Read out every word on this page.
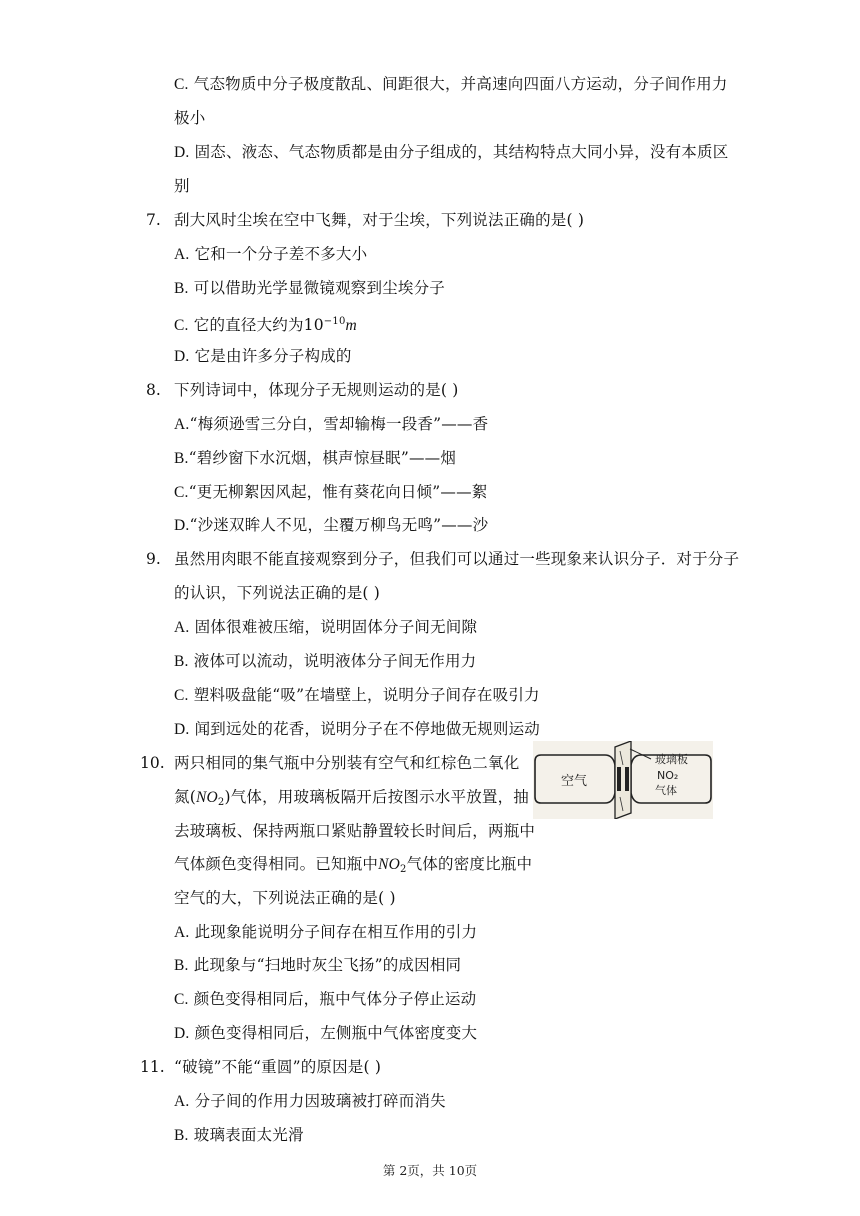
C. 气态物质中分子极度散乱、间距很大，并高速向四面八方运动，分子间作用力
极小
D. 固态、液态、气态物质都是由分子组成的，其结构特点大同小异，没有本质区
别
7. 刮大风时尘埃在空中飞舞，对于尘埃，下列说法正确的是( )
A. 它和一个分子差不多大小
B. 可以借助光学显微镜观察到尘埃分子
C. 它的直径大约为$10^{-10}m$
D. 它是由许多分子构成的
8. 下列诗词中，体现分子无规则运动的是( )
A.“梅须逊雪三分白，雪却输梅一段香”——香
B.“碧纱窗下水沉烟，棋声惊昼眠”——烟
C.“更无柳絮因风起，惟有葵花向日倾”——絮
D.“沙迷双眸人不见，尘覆万柳鸟无鸣”——沙
9. 虽然用肉眼不能直接观察到分子，但我们可以通过一些现象来认识分子．对于分子
的认识，下列说法正确的是( )
A. 固体很难被压缩，说明固体分子间无间隙
B. 液体可以流动，说明液体分子间无作用力
C. 塑料吸盘能“吸”在墙壁上，说明分子间存在吸引力
D. 闻到远处的花香，说明分子在不停地做无规则运动
10. 两只相同的集气瓶中分别装有空气和红棕色二氧化
氮$(NO_2)$气体，用玻璃板隔开后按图示水平放置，抽
去玻璃板、保持两瓶口紧贴静置较长时间后，两瓶中
气体颜色变得相同。已知瓶中$NO_2$气体的密度比瓶中
空气的大，下列说法正确的是( )
玻璃板
空气	NO₂
气体
A. 此现象能说明分子间存在相互作用的引力
B. 此现象与“扫地时灰尘飞扬”的成因相同
C. 颜色变得相同后，瓶中气体分子停止运动
D. 颜色变得相同后，左侧瓶中气体密度变大
11. “破镜”不能“重圆”的原因是( )
A. 分子间的作用力因玻璃被打碎而消失
B. 玻璃表面太光滑
第 2页，共 10页
